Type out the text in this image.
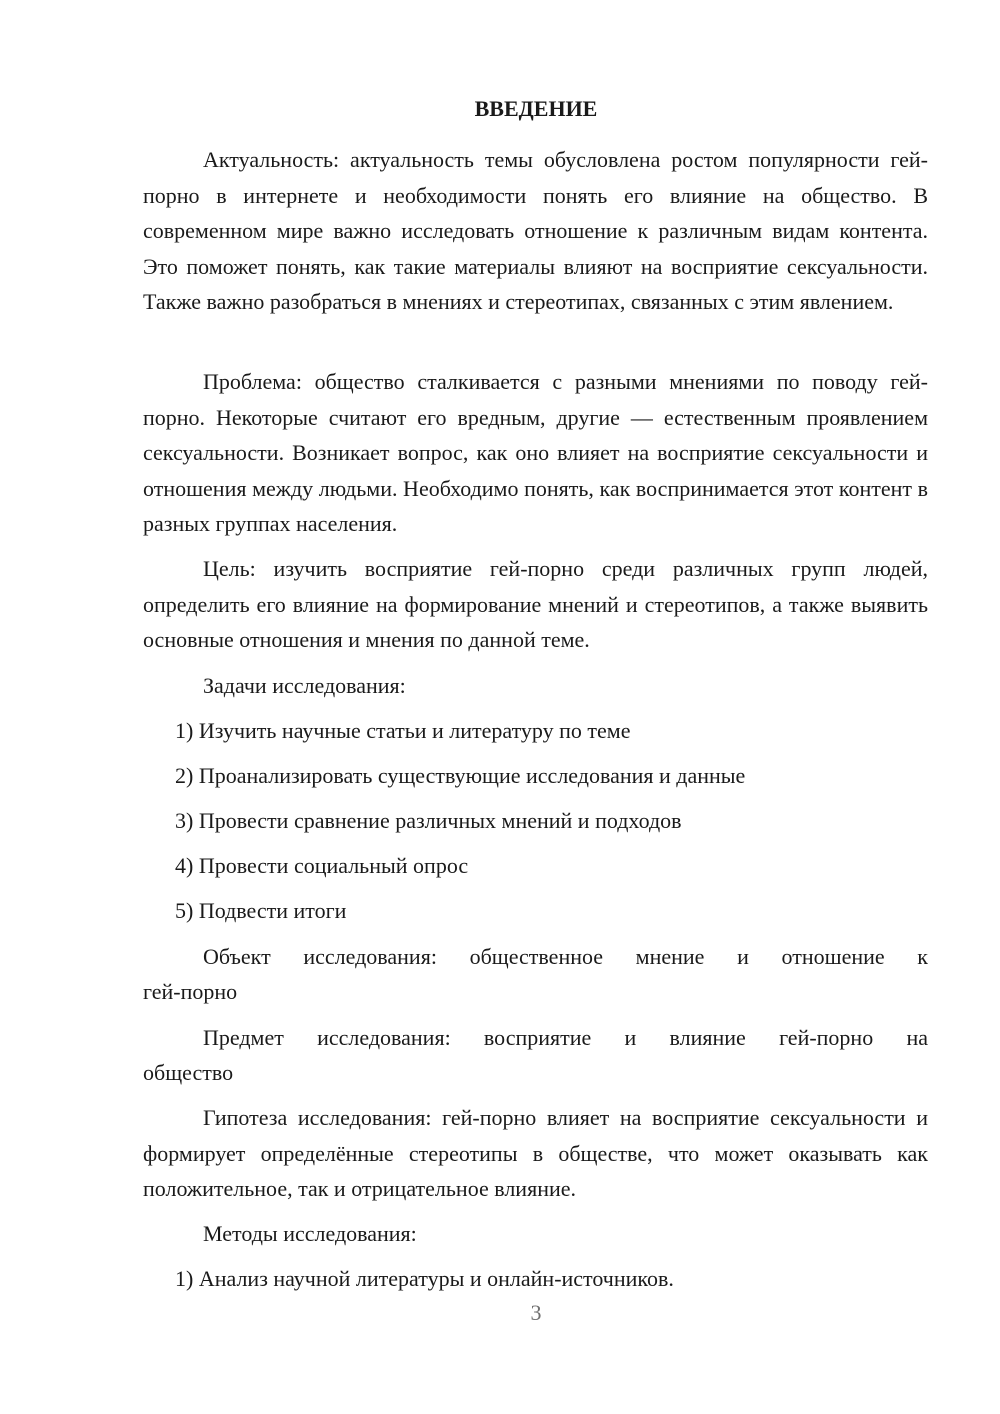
ВВЕДЕНИЕ

Актуальность: актуальность темы обусловлена ростом популярности гей-порно в интернете и необходимости понять его влияние на общество. В современном мире важно исследовать отношение к различным видам контента. Это поможет понять, как такие материалы влияют на восприятие сексуальности. Также важно разобраться в мнениях и стереотипах, связанных с этим явлением.

Проблема: общество сталкивается с разными мнениями по поводу гей-порно. Некоторые считают его вредным, другие — естественным проявлением сексуальности. Возникает вопрос, как оно влияет на восприятие сексуальности и отношения между людьми. Необходимо понять, как воспринимается этот контент в разных группах населения.

Цель: изучить восприятие гей-порно среди различных групп людей, определить его влияние на формирование мнений и стереотипов, а также выявить основные отношения и мнения по данной теме.

Задачи исследования:

1) Изучить научные статьи и литературу по теме

2) Проанализировать существующие исследования и данные

3) Провести сравнение различных мнений и подходов

4) Провести социальный опрос

5) Подвести итоги

Объект исследования: общественное мнение и отношение к

гей-порно

Предмет исследования: восприятие и влияние гей-порно на

общество

Гипотеза исследования: гей-порно влияет на восприятие сексуальности и формирует определённые стереотипы в обществе, что может оказывать как положительное, так и отрицательное влияние.

Методы исследования:

1) Анализ научной литературы и онлайн-источников.

3
